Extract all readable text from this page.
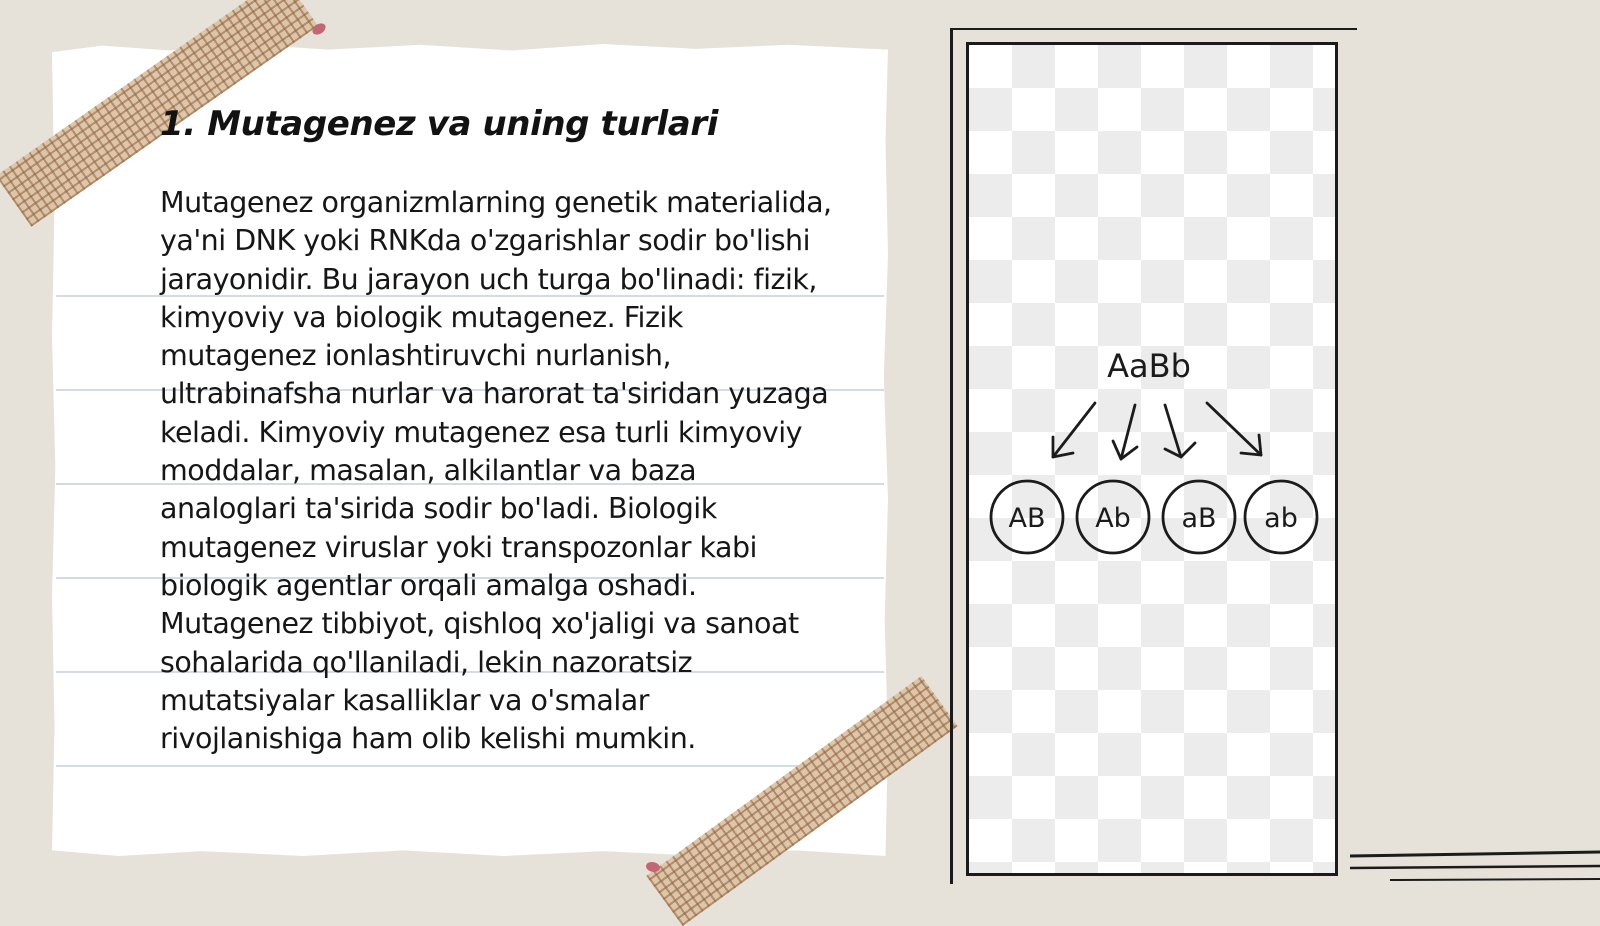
1. Mutagenez va uning turlari

Mutagenez organizmlarning genetik materialida, ya'ni DNK yoki RNKda o'zgarishlar sodir bo'lishi jarayonidir. Bu jarayon uch turga bo'linadi: fizik, kimyoviy va biologik mutagenez. Fizik mutagenez ionlashtiruvchi nurlanish, ultrabinafsha nurlar va harorat ta'siridan yuzaga keladi. Kimyoviy mutagenez esa turli kimyoviy moddalar, masalan, alkilantlar va baza analoglari ta'sirida sodir bo'ladi. Biologik mutagenez viruslar yoki transpozonlar kabi biologik agentlar orqali amalga oshadi. Mutagenez tibbiyot, qishloq xo'jaligi va sanoat sohalarida qo'llaniladi, lekin nazoratsiz mutatsiyalar kasalliklar va o'smalar rivojlanishiga ham olib kelishi mumkin.

AaBb
AB Ab aB ab
